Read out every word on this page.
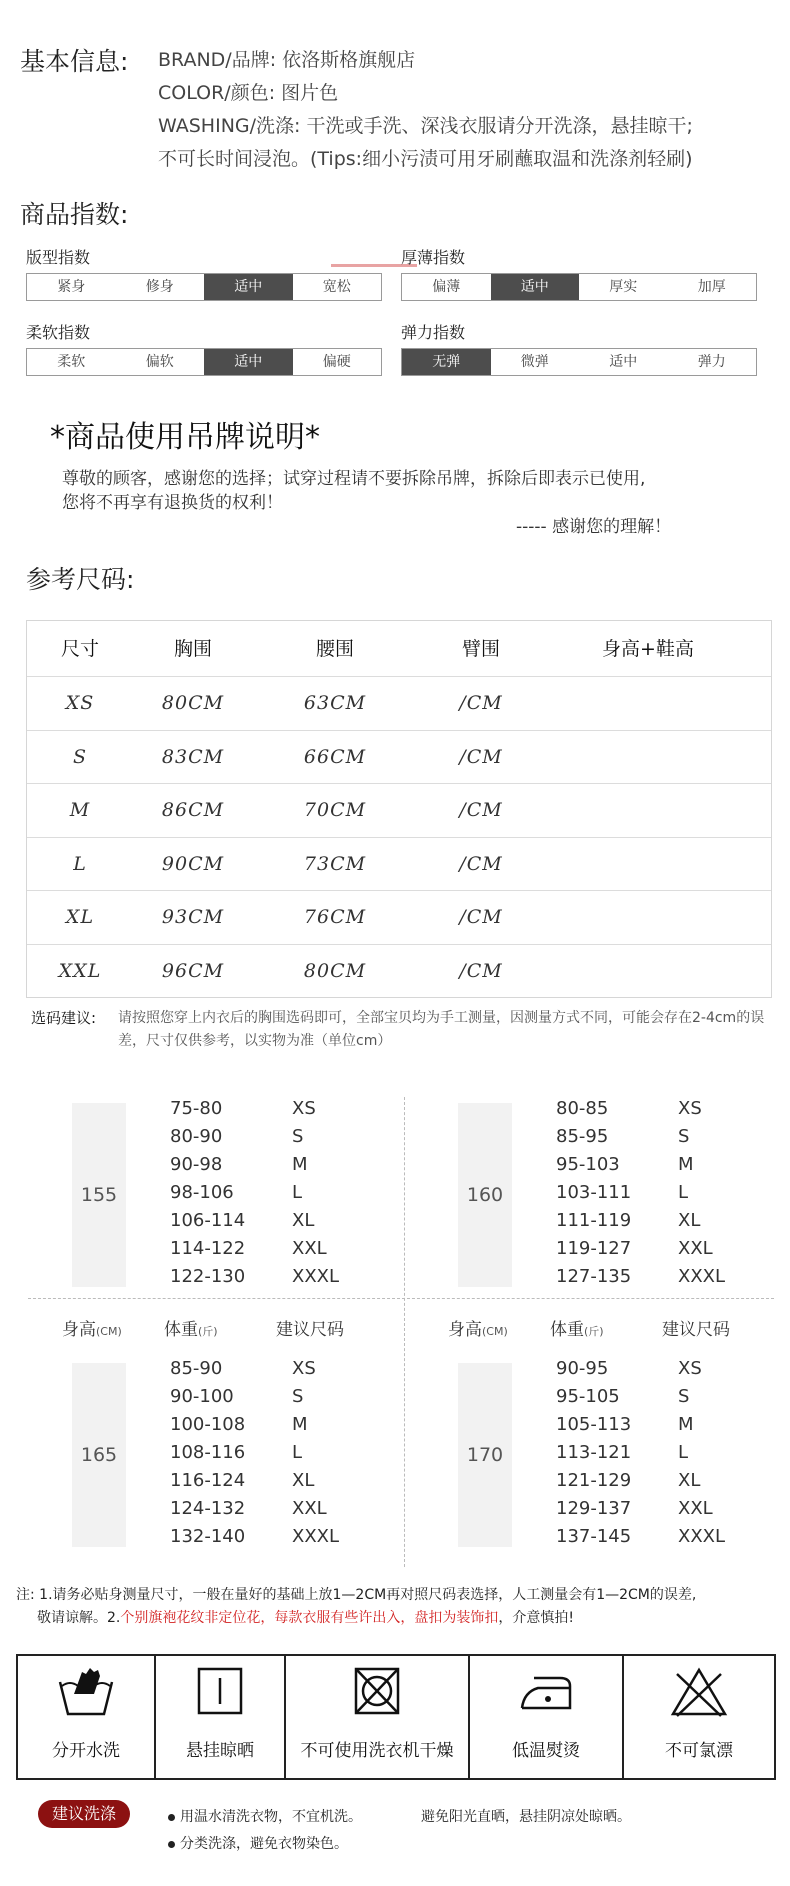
基本信息: BRAND/品牌: 依洛斯格旗舰店
COLOR/颜色: 图片色
WASHING/洗涤: 干洗或手洗、深浅衣服请分开洗涤，悬挂晾干;
不可长时间浸泡。(Tips:细小污渍可用牙刷蘸取温和洗涤剂轻刷)
商品指数:
版型指数
紧身	修身	适中	宽松
厚薄指数
偏薄	适中	厚实	加厚
柔软指数
柔软	偏软	适中	偏硬
弹力指数
无弹	微弹	适中	弹力
*商品使用吊牌说明*
尊敬的顾客，感谢您的选择；试穿过程请不要拆除吊牌，拆除后即表示已使用,
您将不再享有退换货的权利！
----- 感谢您的理解！
参考尺码:
尺寸	胸围	腰围	臂围	身高+鞋高
XS	80CM	63CM	/CM
S	83CM	66CM	/CM
M	86CM	70CM	/CM
L	90CM	73CM	/CM
XL	93CM	76CM	/CM
XXL	96CM	80CM	/CM
选码建议: 请按照您穿上内衣后的胸围选码即可，全部宝贝均为手工测量，因测量方式不同，可能会存在2-4cm的误差，尺寸仅供参考，以实物为准（单位cm）
155
75-80	XS
80-90	S
90-98	M
98-106	L
106-114	XL
114-122	XXL
122-130	XXXL
160
80-85	XS
85-95	S
95-103	M
103-111	L
111-119	XL
119-127	XXL
127-135	XXXL
身高(CM) 体重(斤)	建议尺码
165
85-90	XS
90-100	S
100-108	M
108-116	L
116-124	XL
124-132	XXL
132-140	XXXL
身高(CM) 体重(斤)	建议尺码
170
90-95	XS
95-105	S
105-113	M
113-121	L
121-129	XL
129-137	XXL
137-145	XXXL
注: 1.请务必贴身测量尺寸，一般在量好的基础上放1—2CM再对照尺码表选择，人工测量会有1—2CM的误差,
敬请谅解。2.个别旗袍花纹非定位花，每款衣服有些许出入，盘扣为装饰扣，介意慎拍!
分开水洗	悬挂晾晒	不可使用洗衣机干燥	低温熨烫	不可氯漂
建议洗涤	用温水清洗衣物，不宜机洗。	避免阳光直晒，悬挂阴凉处晾晒。
分类洗涤，避免衣物染色。
